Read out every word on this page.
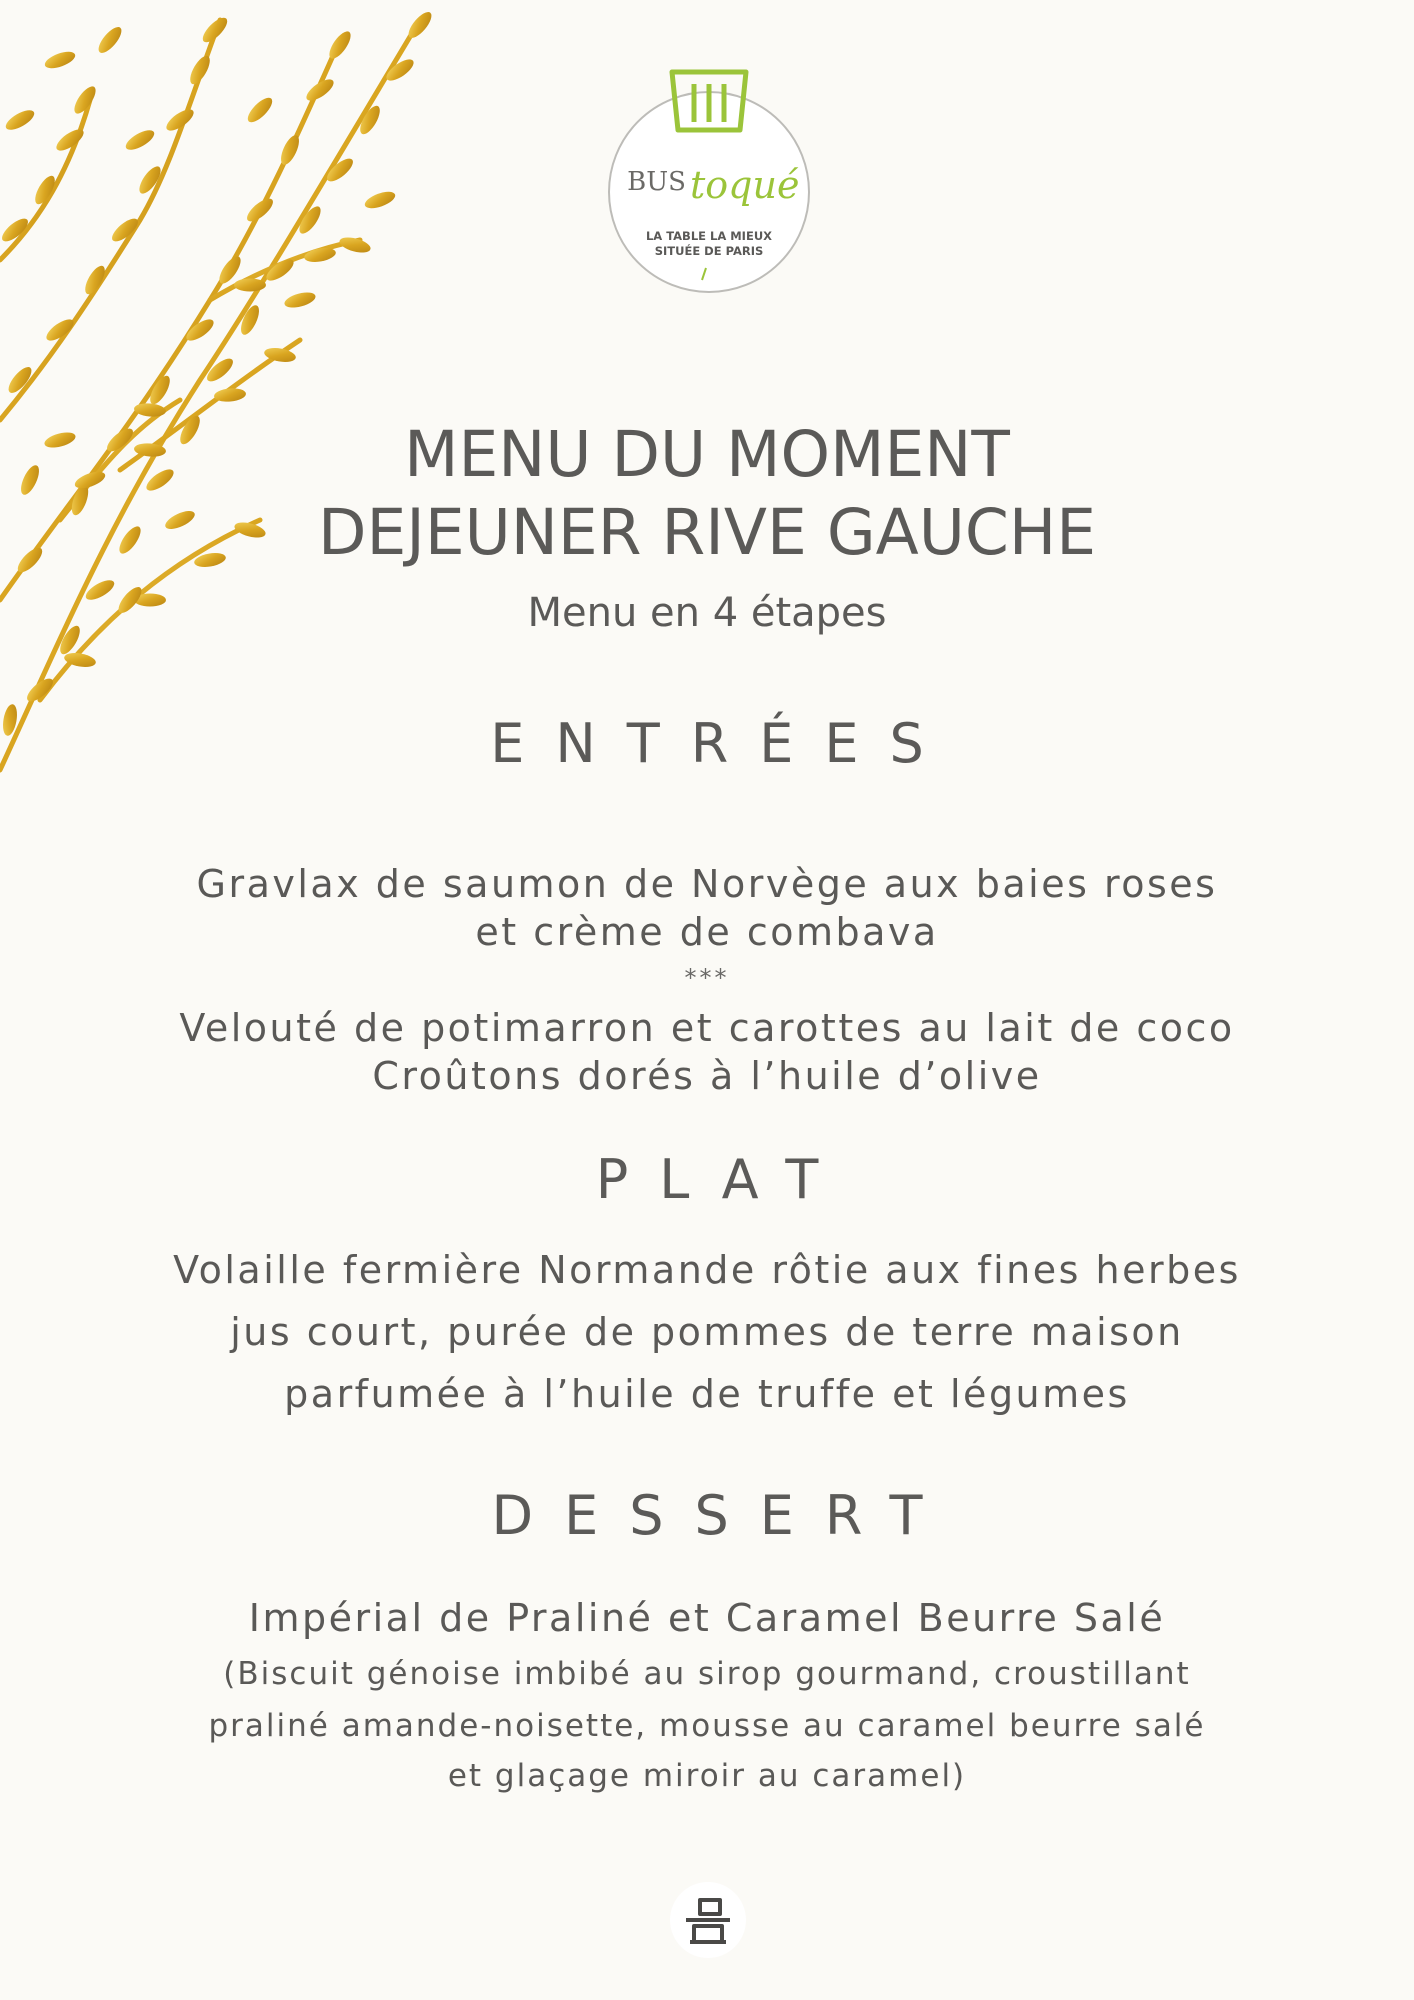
BUS toqué
LA TABLE LA MIEUX
SITUÉE DE PARIS
MENU DU MOMENT
DEJEUNER RIVE GAUCHE
Menu en 4 étapes
ENTRÉES
Gravlax de saumon de Norvège aux baies roses
et crème de combava
***
Velouté de potimarron et carottes au lait de coco
Croûtons dorés à l’huile d’olive
PLAT
Volaille fermière Normande rôtie aux fines herbes
jus court, purée de pommes de terre maison
parfumée à l’huile de truffe et légumes
DESSERT
Impérial de Praliné et Caramel Beurre Salé
(Biscuit génoise imbibé au sirop gourmand, croustillant
praliné amande-noisette, mousse au caramel beurre salé
et glaçage miroir au caramel)
